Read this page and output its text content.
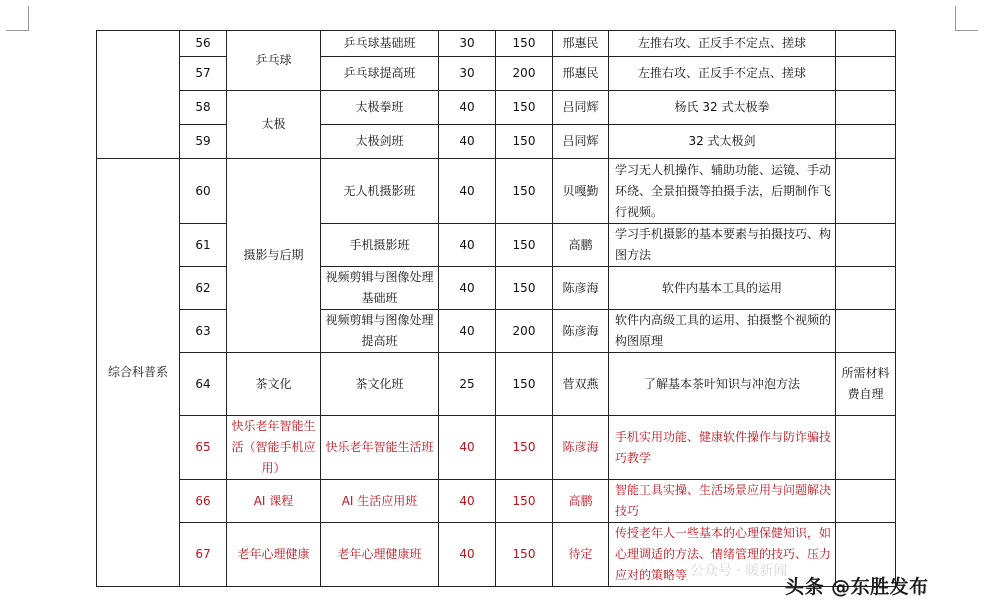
	56	乒乓球	乒乓球基础班	30	150	邢惠民	左推右攻、正反手不定点、搓球	
	57		乒乓球提高班	30	200	邢惠民	左推右攻、正反手不定点、搓球	
	58	太极	太极拳班	40	150	吕同辉	杨氏 32 式太极拳	
	59		太极剑班	40	150	吕同辉	32 式太极剑	
综合科普系	60	摄影与后期	无人机摄影班	40	150	贝嘎勤	学习无人机操作、辅助功能、运镜、手动环绕、全景拍摄等拍摄手法，后期制作飞行视频。	
	61		手机摄影班	40	150	高鹏	学习手机摄影的基本要素与拍摄技巧、构图方法	
	62		视频剪辑与图像处理基础班	40	150	陈彦海	软件内基本工具的运用	
	63		视频剪辑与图像处理提高班	40	200	陈彦海	软件内高级工具的运用、拍摄整个视频的构图原理	
	64	茶文化	茶文化班	25	150	菅双燕	了解基本茶叶知识与冲泡方法	所需材料费自理
	65	快乐老年智能生活（智能手机应用）	快乐老年智能生活班	40	150	陈彦海	手机实用功能、健康软件操作与防诈骗技巧教学	
	66	AI 课程	AI 生活应用班	40	150	高鹏	智能工具实操、生活场景应用与问题解决技巧	
	67	老年心理健康	老年心理健康班	40	150	待定	传授老年人一些基本的心理保健知识，如心理调适的方法、情绪管理的技巧、压力应对的策略等	公众号 · 暖新闻
头条 @东胜发布
